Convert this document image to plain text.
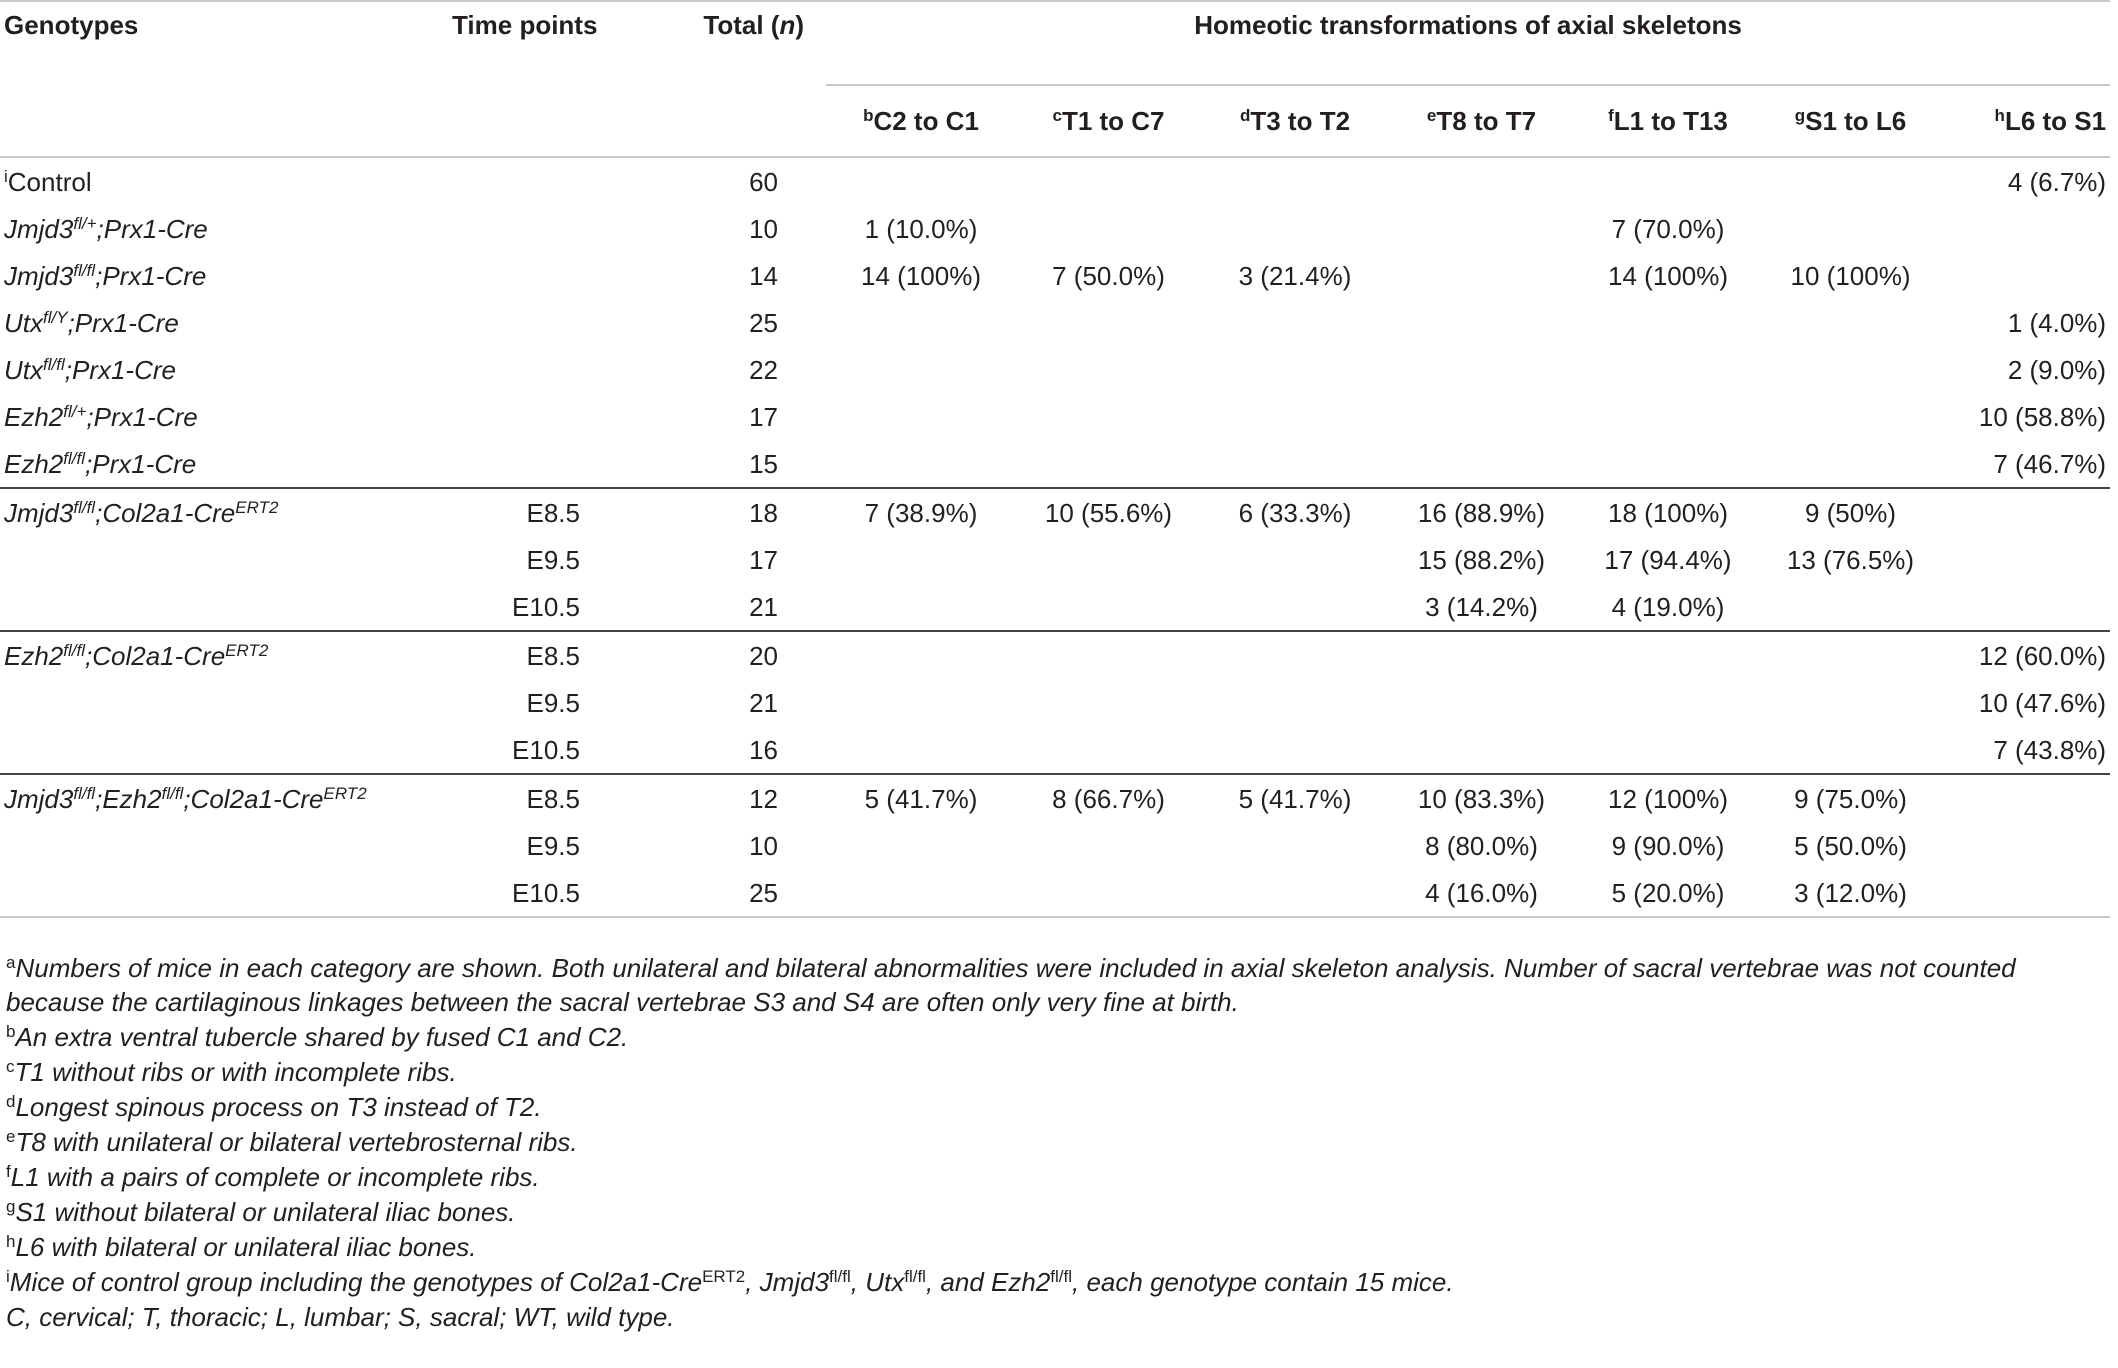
Genotypes	Time points	Total (n)	Homeotic transformations of axial skeletons						
			$^b$C2 to C1	$^c$T1 to C7	$^d$T3 to T2	$^e$T8 to T7	$^f$L1 to T13	$^g$S1 to L6	$^h$L6 to S1
$^i$Control		60							4 (6.7%)
$Jmjd3^{fl/+};Prx1$-Cre		10	1 (10.0%)				7 (70.0%)		
$Jmjd3^{fl/fl};Prx1$-Cre		14	14 (100%)	7 (50.0%)	3 (21.4%)		14 (100%)	10 (100%)	
Utx$^{fl/Y}$;Prx1-Cre		25							1 (4.0%)
Utx$^{fl/fl}$;Prx1-Cre		22							2 (9.0%)
$Ezh2^{fl/+};Prx1$-Cre		17							10 (58.8%)
$Ezh2^{fl/fl};Prx1$-Cre		15							7 (46.7%)
$Jmjd3^{fl/fl};Col2a1-Cre^{ERT2}$	E8.5	18	7 (38.9%)	10 (55.6%)	6 (33.3%)	16 (88.9%)	18 (100%)	9 (50%)	
	E9.5	17				15 (88.2%)	17 (94.4%)	13 (76.5%)	
	E10.5	21				3 (14.2%)	4 (19.0%)		
$Ezh2^{fl/fl};Col2a1-Cre^{ERT2}$	E8.5	20							12 (60.0%)
	E9.5	21							10 (47.6%)
	E10.5	16							7 (43.8%)
$Jmjd3^{fl/fl};Ezh2^{fl/fl};Col2a1-Cre^{ERT2}$	E8.5	12	5 (41.7%)	8 (66.7%)	5 (41.7%)	10 (83.3%)	12 (100%)	9 (75.0%)	
	E9.5	10				8 (80.0%)	9 (90.0%)	5 (50.0%)	
	E10.5	25				4 (16.0%)	5 (20.0%)	3 (12.0%)	
$^a$Numbers of mice in each category are shown. Both unilateral and bilateral abnormalities were included in axial skeleton analysis. Number of sacral vertebrae was not counted because the cartilaginous linkages between the sacral vertebrae S3 and S4 are often only very fine at birth.
$^b$An extra ventral tubercle shared by fused C1 and C2.
$^c$T1 without ribs or with incomplete ribs.
$^d$Longest spinous process on T3 instead of T2.
$^e$T8 with unilateral or bilateral vertebrosternal ribs.
$^f$L1 with a pairs of complete or incomplete ribs.
$^g$S1 without bilateral or unilateral iliac bones.
$^h$L6 with bilateral or unilateral iliac bones.
$^i$Mice of control group including the genotypes of Col2a1-Cre$^{ERT2}$, $Jmjd3^{fl/fl}$, Utx$^{fl/fl}$, and $Ezh2^{fl/fl}$, each genotype contain 15 mice.
C, cervical; T, thoracic; L, lumbar; S, sacral; WT, wild type.
